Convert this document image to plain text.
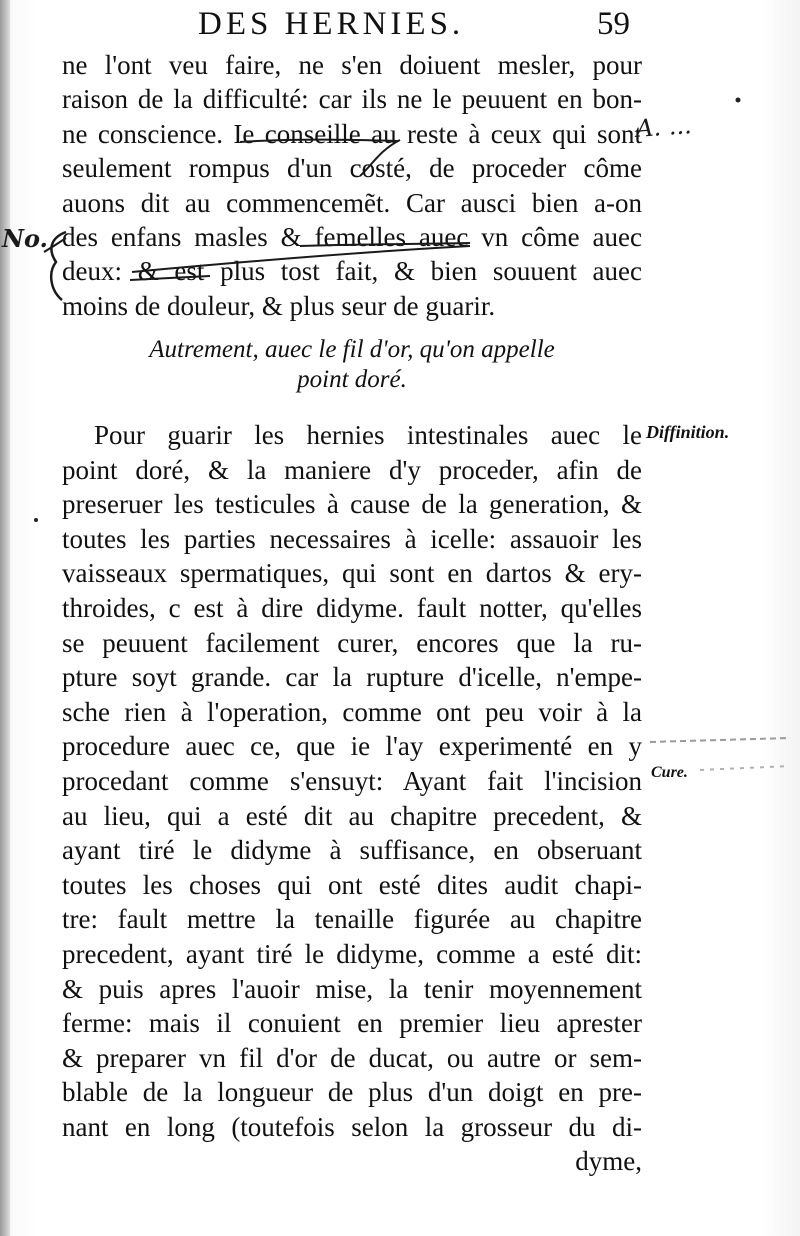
DES HERNIES.	59
ne l'ont veu faire, ne s'en doiuent mesler, pour
raison de la difficulté: car ils ne le peuuent en bon-
ne conscience. Ie conseille au reste à ceux qui sont
seulement rompus d'un costé, de proceder côme
auons dit au commencemẽt. Car ausci bien a-on
des enfans masles & femelles auec vn côme auec
deux: & est plus tost fait, & bien souuent auec
moins de douleur, & plus seur de guarir.
Autrement, auec le fil d'or, qu'on appelle
point doré.
Pour guarir les hernies intestinales auec le
point doré, & la maniere d'y proceder, afin de
preseruer les testicules à cause de la generation, &
toutes les parties necessaires à icelle: assauoir les
vaisseaux spermatiques, qui sont en dartos & ery-
throides, c est à dire didyme. fault notter, qu'elles
se peuuent facilement curer, encores que la ru-
pture soyt grande. car la rupture d'icelle, n'empe-
sche rien à l'operation, comme ont peu voir à la
procedure auec ce, que ie l'ay experimenté en y
procedant comme s'ensuyt: Ayant fait l'incision
au lieu, qui a esté dit au chapitre precedent, &
ayant tiré le didyme à suffisance, en obseruant
toutes les choses qui ont esté dites audit chapi-
tre: fault mettre la tenaille figurée au chapitre
precedent, ayant tiré le didyme, comme a esté dit:
& puis apres l'auoir mise, la tenir moyennement
ferme: mais il conuient en premier lieu aprester
& preparer vn fil d'or de ducat, ou autre or sem-
blable de la longueur de plus d'un doigt en pre-
nant en long (toutefois selon la grosseur du di-
dyme,
Diffinition.
Cure.
A. ...
No.
